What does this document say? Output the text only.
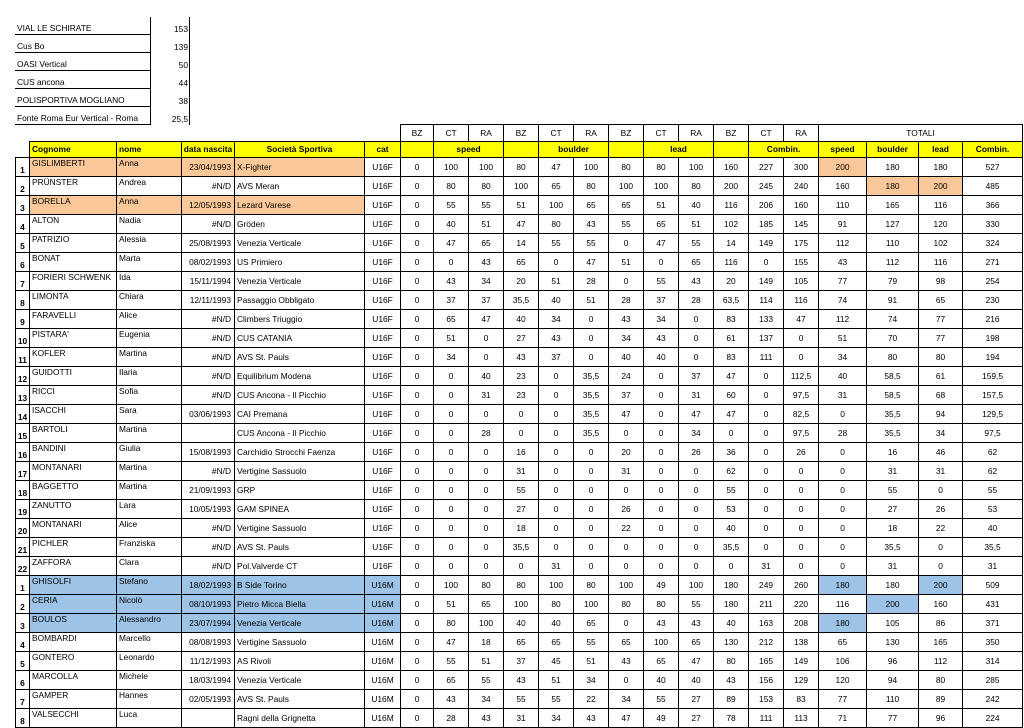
VIAL LE SCHIRATE	153
Cus Bo	139
OASI Vertical	50
CUS ancona	44
POLISPORTIVA MOGLIANO	38
Fonte Roma Eur Vertical - Roma	25,5
						BZ	CT	RA	BZ	CT	RA	BZ	CT	RA	BZ	CT	RA	TOTALI			
	Cognome	nome	data nascita	Società Sportiva	cat		speed			boulder			lead			Combin.		speed	boulder	lead	Combin.
1	GISLIMBERTI	Anna	23/04/1993	X-Fighter	U16F	0	100	100	80	47	100	80	80	100	160	227	300	200	180	180	527
2	PRÜNSTER	Andrea	#N/D	AVS Meran	U16F	0	80	80	100	65	80	100	100	80	200	245	240	160	180	200	485
3	BORELLA	Anna	12/05/1993	Lezard Varese	U16F	0	55	55	51	100	65	65	51	40	116	206	160	110	165	116	366
4	ALTON	Nadia	#N/D	Gröden	U16F	0	40	51	47	80	43	55	65	51	102	185	145	91	127	120	330
5	PATRIZIO	Alessia	25/08/1993	Venezia Verticale	U16F	0	47	65	14	55	55	0	47	55	14	149	175	112	110	102	324
6	BONAT	Marta	08/02/1993	US Primiero	U16F	0	0	43	65	0	47	51	0	65	116	0	155	43	112	116	271
7	FORIERI SCHWENK	Ida	15/11/1994	Venezia Verticale	U16F	0	43	34	20	51	28	0	55	43	20	149	105	77	79	98	254
8	LIMONTA	Chiara	12/11/1993	Passaggio Obbligato	U16F	0	37	37	35,5	40	51	28	37	28	63,5	114	116	74	91	65	230
9	FARAVELLI	Alice	#N/D	Climbers Triuggio	U16F	0	65	47	40	34	0	43	34	0	83	133	47	112	74	77	216
10	PISTARA'	Eugenia	#N/D	CUS CATANIA	U16F	0	51	0	27	43	0	34	43	0	61	137	0	51	70	77	198
11	KOFLER	Martina	#N/D	AVS St. Pauls	U16F	0	34	0	43	37	0	40	40	0	83	111	0	34	80	80	194
12	GUIDOTTI	Ilaria	#N/D	Equilibrium Modena	U16F	0	0	40	23	0	35,5	24	0	37	47	0	112,5	40	58,5	61	159,5
13	RICCI	Sofia	#N/D	CUS Ancona - Il Picchio	U16F	0	0	31	23	0	35,5	37	0	31	60	0	97,5	31	58,5	68	157,5
14	ISACCHI	Sara	03/06/1993	CAI Premana	U16F	0	0	0	0	0	35,5	47	0	47	47	0	82,5	0	35,5	94	129,5
15	BARTOLI	Martina		CUS Ancona - Il Picchio	U16F	0	0	28	0	0	35,5	0	0	34	0	0	97,5	28	35,5	34	97,5
16	BANDINI	Giulia	15/08/1993	Carchidio Strocchi Faenza	U16F	0	0	0	16	0	0	20	0	26	36	0	26	0	16	46	62
17	MONTANARI	Martina	#N/D	Vertigine Sassuolo	U16F	0	0	0	31	0	0	31	0	0	62	0	0	0	31	31	62
18	BAGGETTO	Martina	21/09/1993	GRP	U16F	0	0	0	55	0	0	0	0	0	55	0	0	0	55	0	55
19	ZANUTTO	Lara	10/05/1993	GAM SPINEA	U16F	0	0	0	27	0	0	26	0	0	53	0	0	0	27	26	53
20	MONTANARI	Alice	#N/D	Vertigine Sassuolo	U16F	0	0	0	18	0	0	22	0	0	40	0	0	0	18	22	40
21	PICHLER	Franziska	#N/D	AVS St. Pauls	U16F	0	0	0	35,5	0	0	0	0	0	35,5	0	0	0	35,5	0	35,5
22	ZAFFORA	Clara	#N/D	Pol.Valverde CT	U16F	0	0	0	0	31	0	0	0	0	0	31	0	0	31	0	31
1	GHISOLFI	Stefano	18/02/1993	B Side Torino	U16M	0	100	80	80	100	80	100	49	100	180	249	260	180	180	200	509
2	CERIA	Nicolò	08/10/1993	Pietro Micca Biella	U16M	0	51	65	100	80	100	80	80	55	180	211	220	116	200	160	431
3	BOULOS	Alessandro	23/07/1994	Venezia Verticale	U16M	0	80	100	40	40	65	0	43	43	40	163	208	180	105	86	371
4	BOMBARDI	Marcello	08/08/1993	Vertigine Sassuolo	U16M	0	47	18	65	65	55	65	100	65	130	212	138	65	130	165	350
5	GONTERO	Leonardo	11/12/1993	AS Rivoli	U16M	0	55	51	37	45	51	43	65	47	80	165	149	106	96	112	314
6	MARCOLLA	Michele	18/03/1994	Venezia Verticale	U16M	0	65	55	43	51	34	0	40	40	43	156	129	120	94	80	285
7	GAMPER	Hannes	02/05/1993	AVS St. Pauls	U16M	0	43	34	55	55	22	34	55	27	89	153	83	77	110	89	242
8	VALSECCHI	Luca		Ragni della Grignetta	U16M	0	28	43	31	34	43	47	49	27	78	111	113	71	77	96	224
